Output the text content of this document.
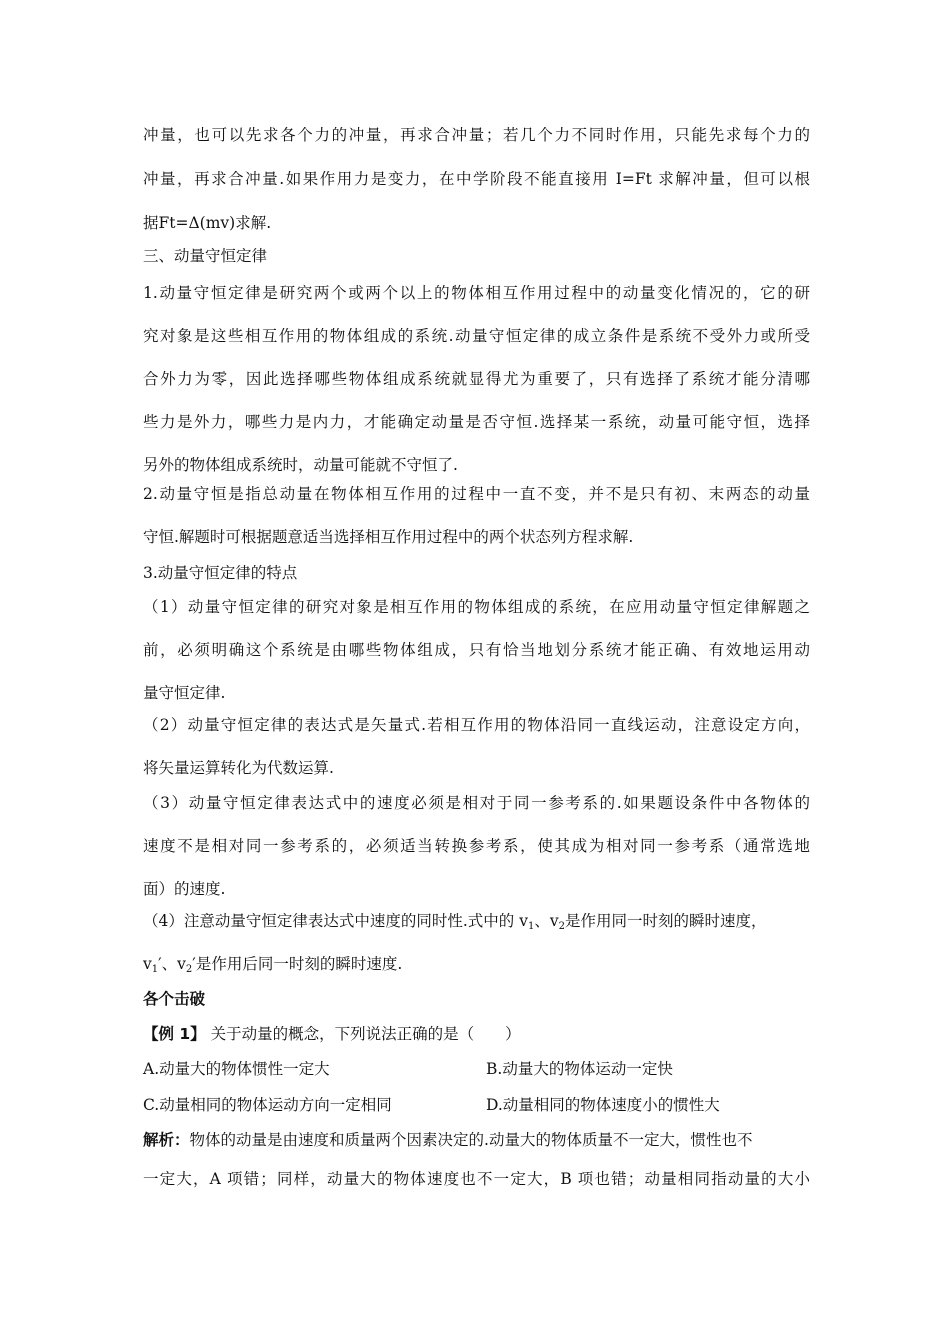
冲量，也可以先求各个力的冲量，再求合冲量；若几个力不同时作用，只能先求每个力的
冲量，再求合冲量.如果作用力是变力，在中学阶段不能直接用 I=Ft 求解冲量，但可以根
据Ft=Δ(mv)求解.
三、动量守恒定律
1.动量守恒定律是研究两个或两个以上的物体相互作用过程中的动量变化情况的，它的研
究对象是这些相互作用的物体组成的系统.动量守恒定律的成立条件是系统不受外力或所受
合外力为零，因此选择哪些物体组成系统就显得尤为重要了，只有选择了系统才能分清哪
些力是外力，哪些力是内力，才能确定动量是否守恒.选择某一系统，动量可能守恒，选择
另外的物体组成系统时，动量可能就不守恒了.
2.动量守恒是指总动量在物体相互作用的过程中一直不变，并不是只有初、末两态的动量
守恒.解题时可根据题意适当选择相互作用过程中的两个状态列方程求解.
3.动量守恒定律的特点
（1）动量守恒定律的研究对象是相互作用的物体组成的系统，在应用动量守恒定律解题之
前，必须明确这个系统是由哪些物体组成，只有恰当地划分系统才能正确、有效地运用动
量守恒定律.
（2）动量守恒定律的表达式是矢量式.若相互作用的物体沿同一直线运动，注意设定方向，
将矢量运算转化为代数运算.
（3）动量守恒定律表达式中的速度必须是相对于同一参考系的.如果题设条件中各物体的
速度不是相对同一参考系的，必须适当转换参考系，使其成为相对同一参考系（通常选地
面）的速度.
（4）注意动量守恒定律表达式中速度的同时性.式中的 $v_1$、$v_2$是作用同一时刻的瞬时速度，
$v_1'$、$v_2'$是作用后同一时刻的瞬时速度.
各个击破
【例 1】 关于动量的概念，下列说法正确的是（　　）
A.动量大的物体惯性一定大	B.动量大的物体运动一定快
C.动量相同的物体运动方向一定相同	D.动量相同的物体速度小的惯性大
解析：物体的动量是由速度和质量两个因素决定的.动量大的物体质量不一定大，惯性也不
一定大，A 项错；同样，动量大的物体速度也不一定大，B 项也错；动量相同指动量的大小
